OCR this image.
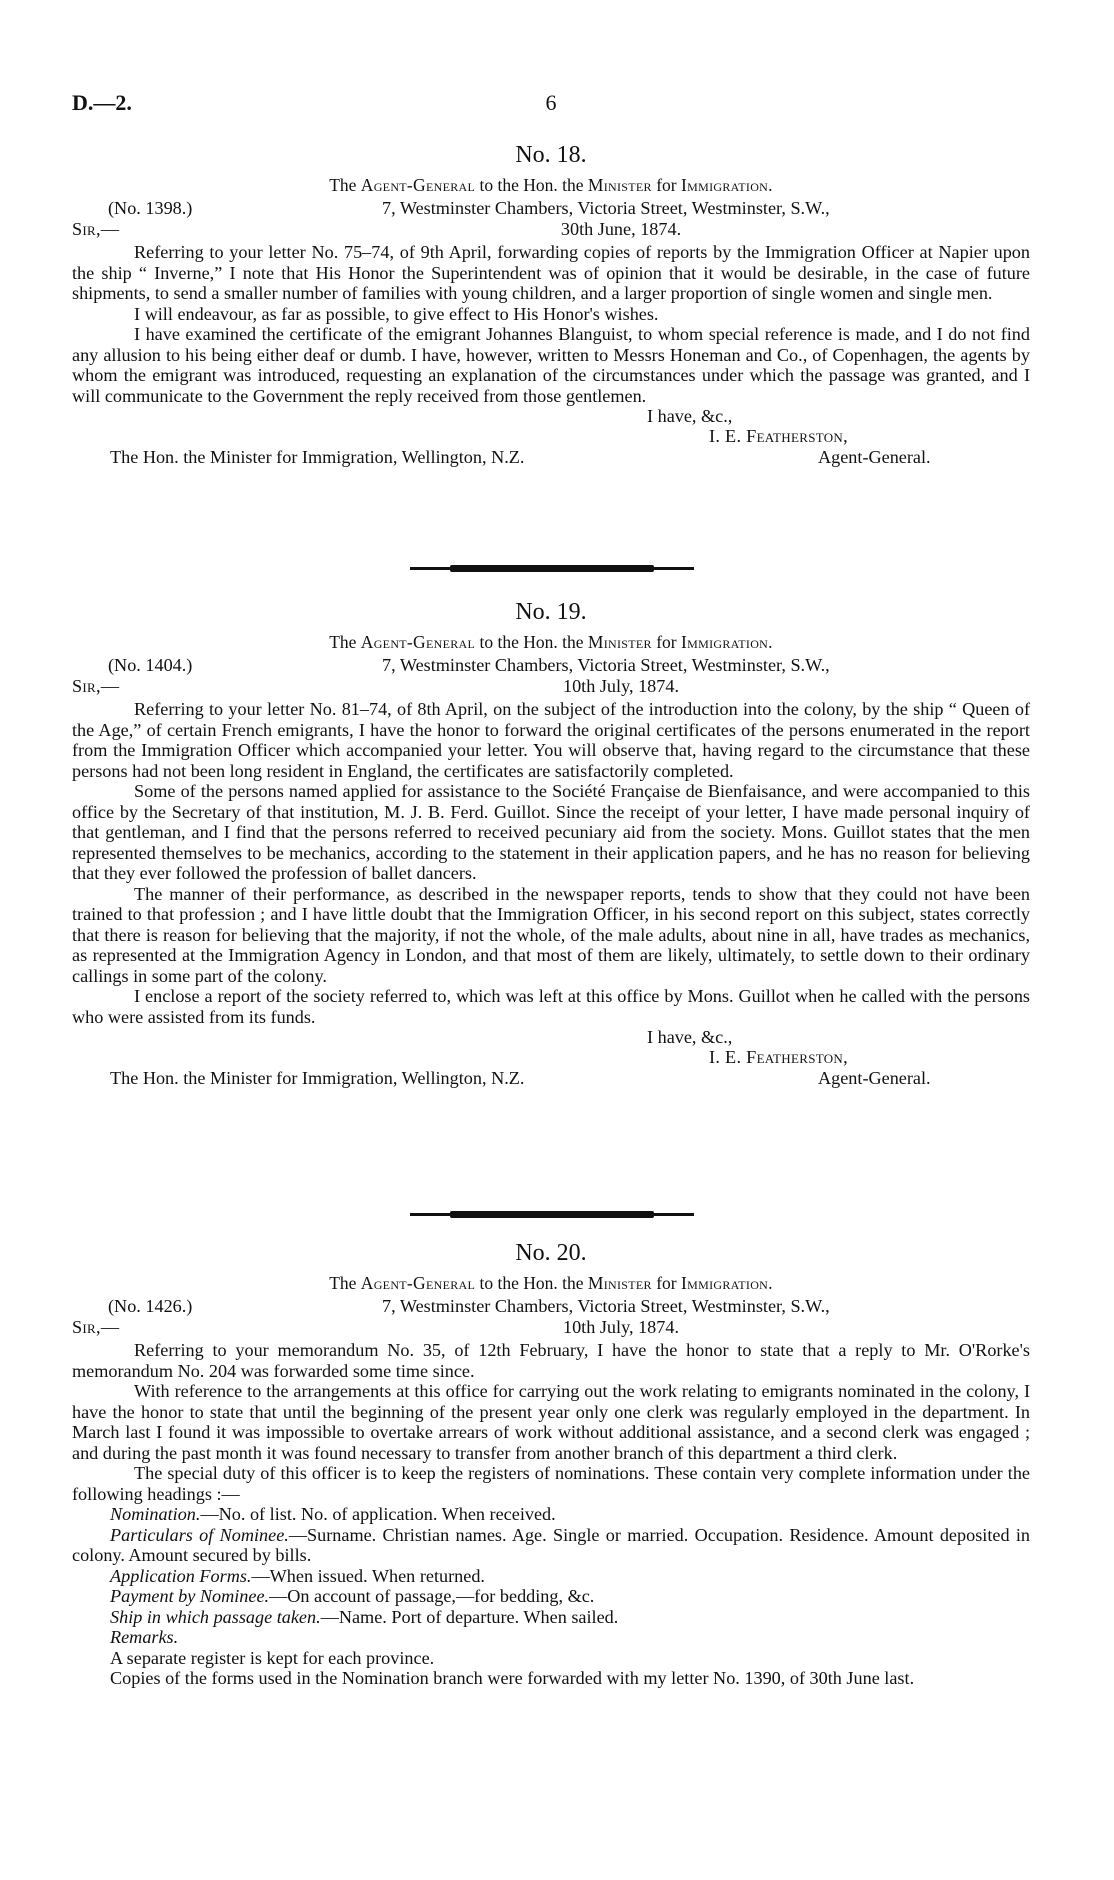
D.—2.	6
No. 18.
The Agent-General to the Hon. the Minister for Immigration.
(No. 1398.)	7, Westminster Chambers, Victoria Street, Westminster, S.W.,
Sir,—	30th June, 1874.

Referring to your letter No. 75–74, of 9th April, forwarding copies of reports by the Immigration Officer at Napier upon the ship “ Inverne,” I note that His Honor the Superintendent was of opinion that it would be desirable, in the case of future shipments, to send a smaller number of families with young children, and a larger proportion of single women and single men.

I will endeavour, as far as possible, to give effect to His Honor's wishes.

I have examined the certificate of the emigrant Johannes Blanguist, to whom special reference is made, and I do not find any allusion to his being either deaf or dumb. I have, however, written to Messrs Honeman and Co., of Copenhagen, the agents by whom the emigrant was introduced, requesting an explanation of the circumstances under which the passage was granted, and I will communicate to the Government the reply received from those gentlemen.

I have, &c.,
I. E. Featherston,
The Hon. the Minister for Immigration, Wellington, N.Z.	Agent-General.
No. 19.
The Agent-General to the Hon. the Minister for Immigration.
(No. 1404.)	7, Westminster Chambers, Victoria Street, Westminster, S.W.,
Sir,—	10th July, 1874.

Referring to your letter No. 81–74, of 8th April, on the subject of the introduction into the colony, by the ship “ Queen of the Age,” of certain French emigrants, I have the honor to forward the original certificates of the persons enumerated in the report from the Immigration Officer which accompanied your letter. You will observe that, having regard to the circumstance that these persons had not been long resident in England, the certificates are satisfactorily completed.

Some of the persons named applied for assistance to the Société Française de Bienfaisance, and were accompanied to this office by the Secretary of that institution, M. J. B. Ferd. Guillot. Since the receipt of your letter, I have made personal inquiry of that gentleman, and I find that the persons referred to received pecuniary aid from the society. Mons. Guillot states that the men represented themselves to be mechanics, according to the statement in their application papers, and he has no reason for believing that they ever followed the profession of ballet dancers.

The manner of their performance, as described in the newspaper reports, tends to show that they could not have been trained to that profession ; and I have little doubt that the Immigration Officer, in his second report on this subject, states correctly that there is reason for believing that the majority, if not the whole, of the male adults, about nine in all, have trades as mechanics, as represented at the Immigration Agency in London, and that most of them are likely, ultimately, to settle down to their ordinary callings in some part of the colony.

I enclose a report of the society referred to, which was left at this office by Mons. Guillot when he called with the persons who were assisted from its funds.

I have, &c.,
I. E. Featherston,
The Hon. the Minister for Immigration, Wellington, N.Z.	Agent-General.
No. 20.
The Agent-General to the Hon. the Minister for Immigration.
(No. 1426.)	7, Westminster Chambers, Victoria Street, Westminster, S.W.,
Sir,—	10th July, 1874.

Referring to your memorandum No. 35, of 12th February, I have the honor to state that a reply to Mr. O'Rorke's memorandum No. 204 was forwarded some time since.

With reference to the arrangements at this office for carrying out the work relating to emigrants nominated in the colony, I have the honor to state that until the beginning of the present year only one clerk was regularly employed in the department. In March last I found it was impossible to overtake arrears of work without additional assistance, and a second clerk was engaged ; and during the past month it was found necessary to transfer from another branch of this department a third clerk.

The special duty of this officer is to keep the registers of nominations. These contain very complete information under the following headings :—

Nomination.—No. of list. No. of application. When received.

Particulars of Nominee.—Surname. Christian names. Age. Single or married. Occupation. Residence. Amount deposited in colony. Amount secured by bills.

Application Forms.—When issued. When returned.

Payment by Nominee.—On account of passage,—for bedding, &c.

Ship in which passage taken.—Name. Port of departure. When sailed.

Remarks.

A separate register is kept for each province.

Copies of the forms used in the Nomination branch were forwarded with my letter No. 1390, of 30th June last.
